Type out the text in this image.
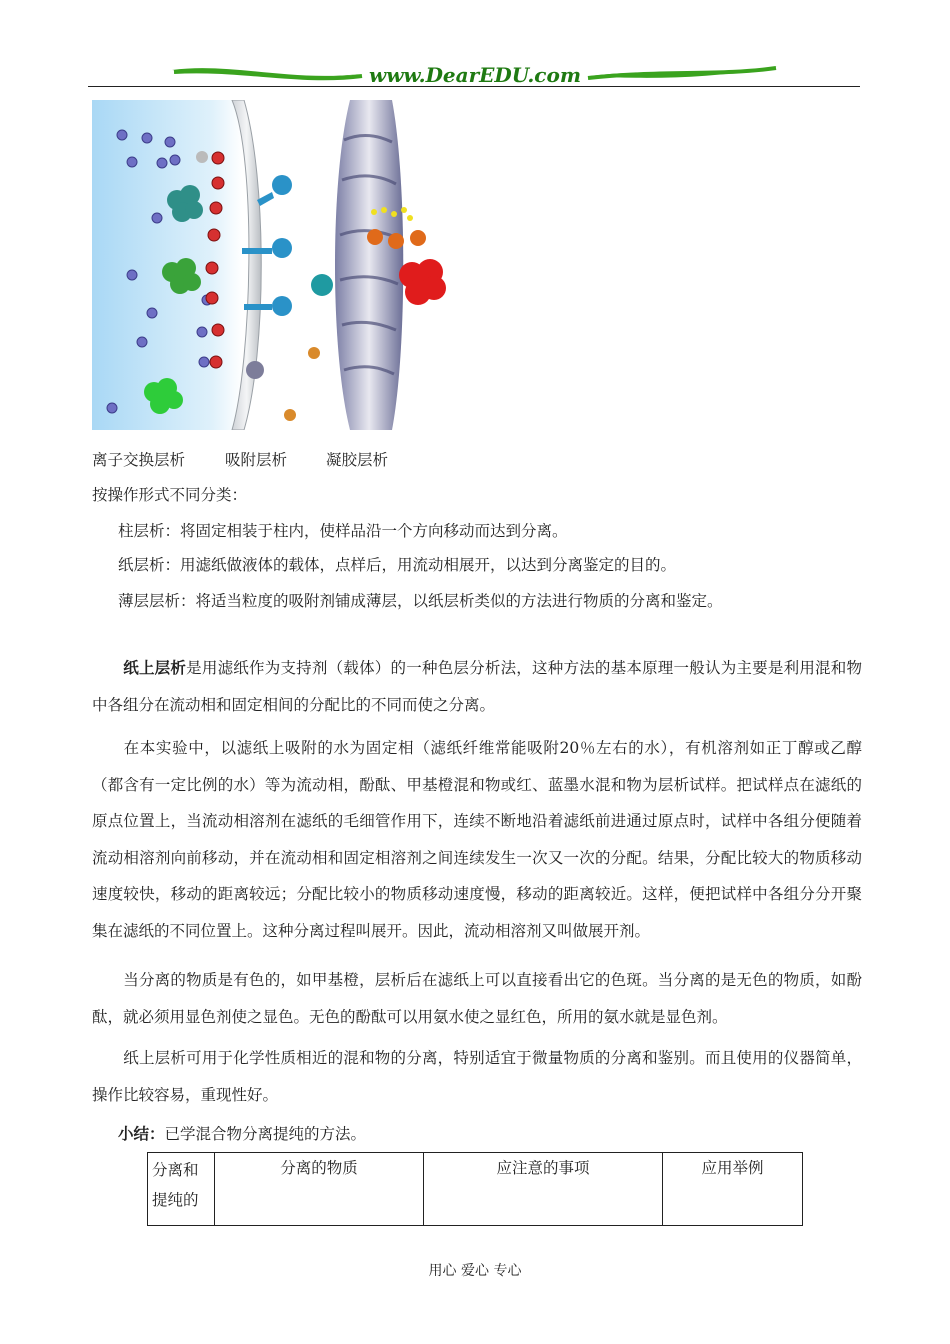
www.DearEDU.com
离子交换层析	吸附层析	凝胶层析
按操作形式不同分类：
柱层析：将固定相装于柱内，使样品沿一个方向移动而达到分离。
纸层析：用滤纸做液体的载体，点样后，用流动相展开，以达到分离鉴定的目的。
薄层层析：将适当粒度的吸附剂铺成薄层，以纸层析类似的方法进行物质的分离和鉴定。
纸上层析是用滤纸作为支持剂（载体）的一种色层分析法，这种方法的基本原理一般认为主要是利用混和物中各组分在流动相和固定相间的分配比的不同而使之分离。
在本实验中，以滤纸上吸附的水为固定相（滤纸纤维常能吸附20％左右的水），有机溶剂如正丁醇或乙醇（都含有一定比例的水）等为流动相，酚酞、甲基橙混和物或红、蓝墨水混和物为层析试样。把试样点在滤纸的原点位置上，当流动相溶剂在滤纸的毛细管作用下，连续不断地沿着滤纸前进通过原点时，试样中各组分便随着流动相溶剂向前移动，并在流动相和固定相溶剂之间连续发生一次又一次的分配。结果，分配比较大的物质移动速度较快，移动的距离较远；分配比较小的物质移动速度慢，移动的距离较近。这样，便把试样中各组分分开聚集在滤纸的不同位置上。这种分离过程叫展开。因此，流动相溶剂又叫做展开剂。
当分离的物质是有色的，如甲基橙，层析后在滤纸上可以直接看出它的色斑。当分离的是无色的物质，如酚酞，就必须用显色剂使之显色。无色的酚酞可以用氨水使之显红色，所用的氨水就是显色剂。
纸上层析可用于化学性质相近的混和物的分离，特别适宜于微量物质的分离和鉴别。而且使用的仪器简单，操作比较容易，重现性好。
小结：已学混合物分离提纯的方法。
分离和
提纯的	分离的物质	应注意的事项	应用举例
用心 爱心 专心
